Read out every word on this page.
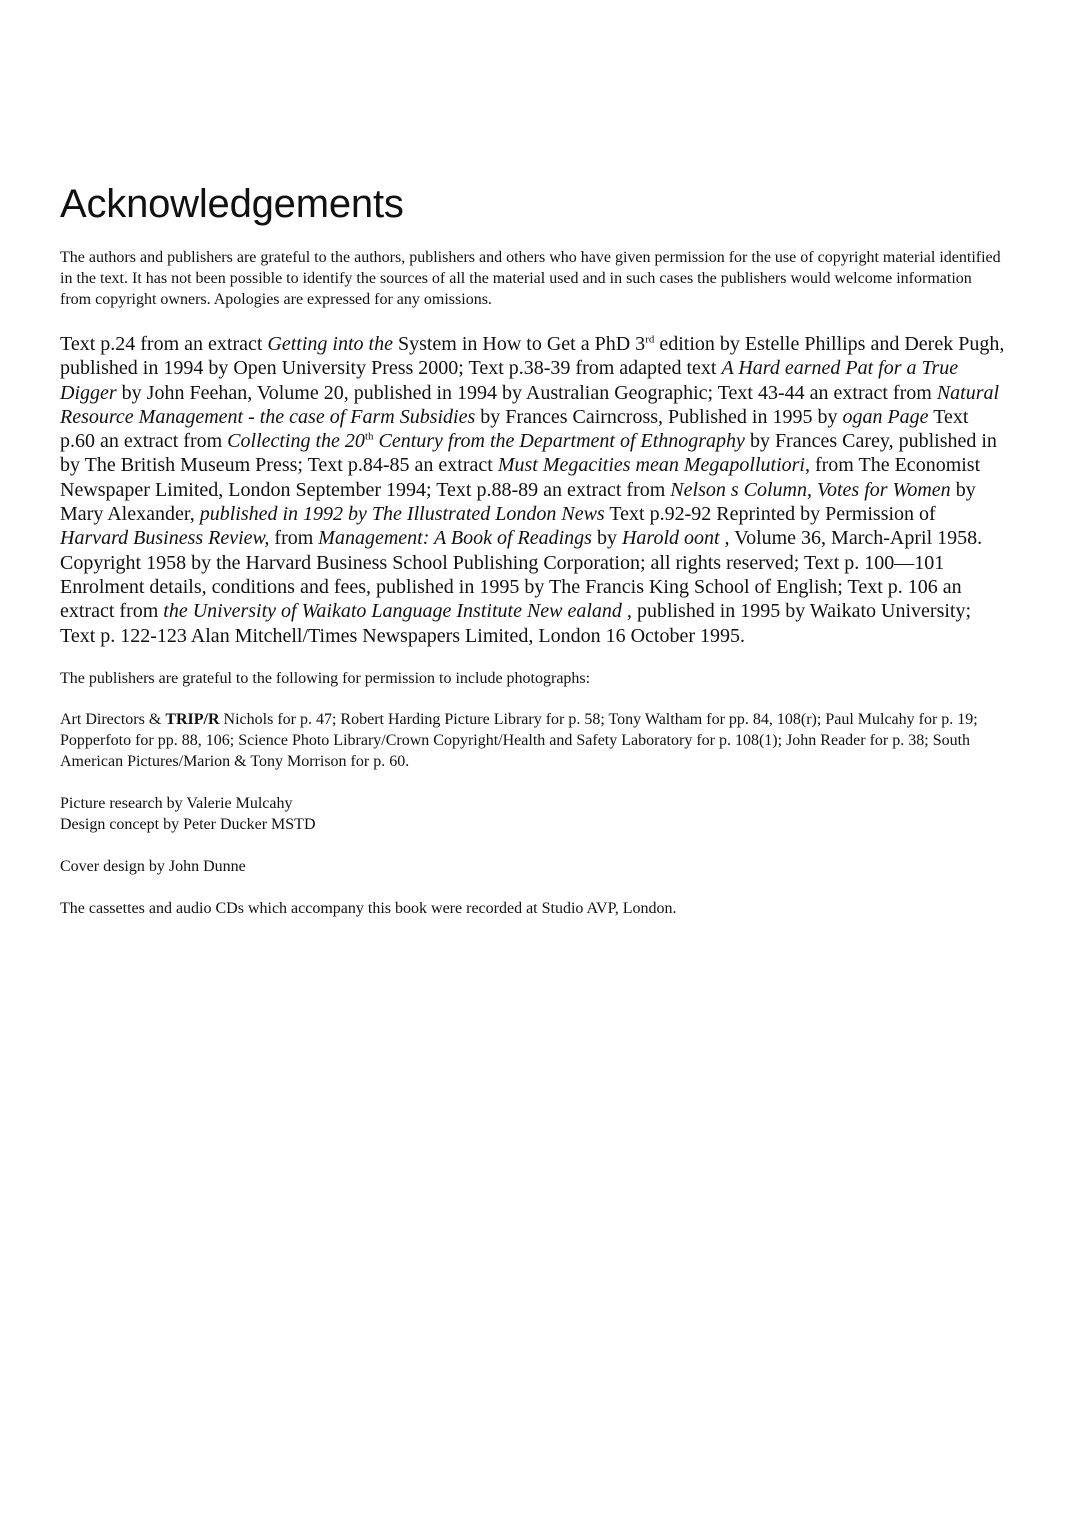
Acknowledgements

The authors and publishers are grateful to the authors, publishers and others who have given permission for the use of copyright material identified in the text. It has not been possible to identify the sources of all the material used and in such cases the publishers would welcome information from copyright owners. Apologies are expressed for any omissions.

Text p.24 from an extract Getting into the System in How to Get a PhD 3rd edition by Estelle Phillips and Derek Pugh, published in 1994 by Open University Press 2000; Text p.38-39 from adapted text A Hard earned Pat for a True Digger by John Feehan, Volume 20, published in 1994 by Australian Geographic; Text 43-44 an extract from Natural Resource Management - the case of Farm Subsidies by Frances Cairncross, Published in 1995 by ogan Page Text p.60 an extract from Collecting the 20th Century from the Department of Ethnography by Frances Carey, published in by The British Museum Press; Text p.84-85 an extract Must Megacities mean Megapollutiori, from The Economist Newspaper Limited, London September 1994; Text p.88-89 an extract from Nelson s Column, Votes for Women by Mary Alexander, published in 1992 by The Illustrated London News Text p.92-92 Reprinted by Permission of Harvard Business Review, from Management: A Book of Readings by Harold oont , Volume 36, March-April 1958. Copyright 1958 by the Harvard Business School Publishing Corporation; all rights reserved; Text p. 100—101 Enrolment details, conditions and fees, published in 1995 by The Francis King School of English; Text p. 106 an extract from the University of Waikato Language Institute New ealand , published in 1995 by Waikato University; Text p. 122-123 Alan Mitchell/Times Newspapers Limited, London 16 October 1995.

The publishers are grateful to the following for permission to include photographs:

Art Directors & TRIP/R Nichols for p. 47; Robert Harding Picture Library for p. 58; Tony Waltham for pp. 84, 108(r); Paul Mulcahy for p. 19; Popperfoto for pp. 88, 106; Science Photo Library/Crown Copyright/Health and Safety Laboratory for p. 108(1); John Reader for p. 38; South American Pictures/Marion & Tony Morrison for p. 60.

Picture research by Valerie Mulcahy
Design concept by Peter Ducker MSTD

Cover design by John Dunne

The cassettes and audio CDs which accompany this book were recorded at Studio AVP, London.
